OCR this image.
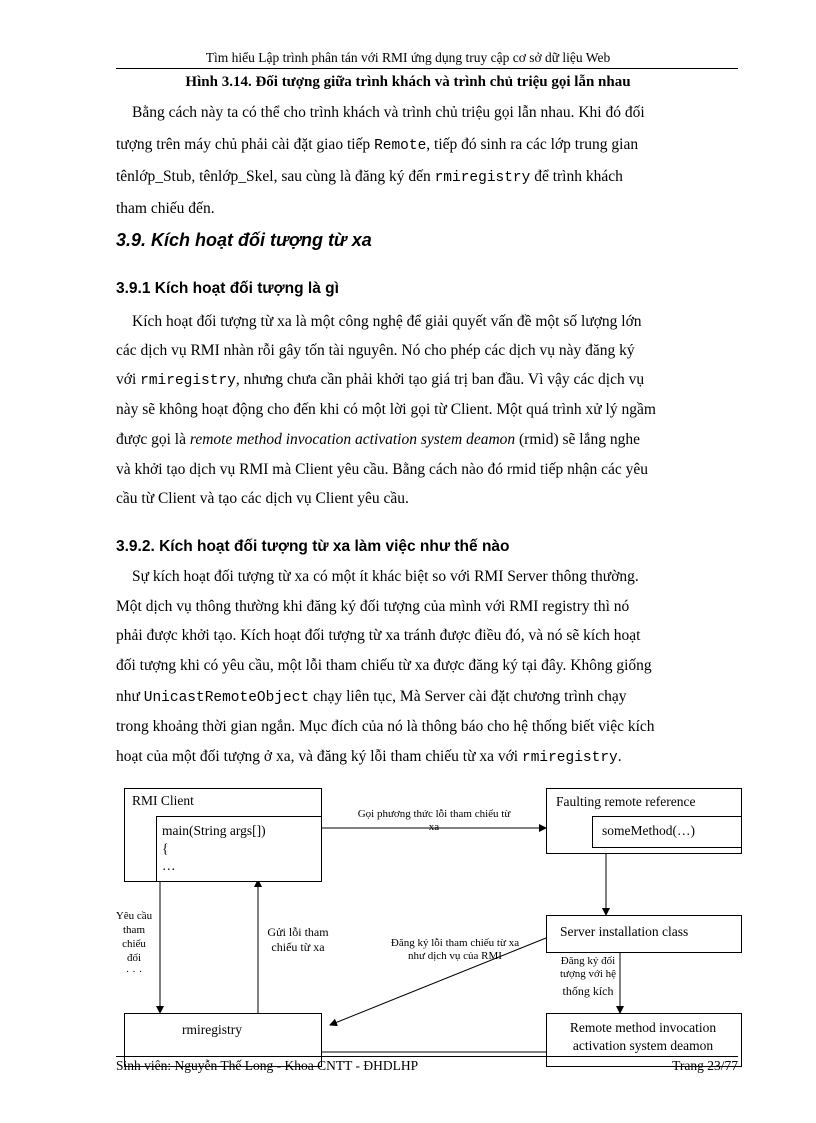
Tìm hiểu Lập trình phân tán với RMI ứng dụng truy cập cơ sở dữ liệu Web
Hình 3.14. Đối tượng giữa trình khách và trình chủ triệu gọi lẫn nhau
Bằng cách này ta có thể cho trình khách và trình chủ triệu gọi lẫn nhau. Khi đó đối
tượng trên máy chủ phải cài đặt giao tiếp Remote, tiếp đó sinh ra các lớp trung gian
tênlớp_Stub, tênlớp_Skel, sau cùng là đăng ký đến rmiregistry để trình khách
tham chiếu đến.
3.9. Kích hoạt đối tượng từ xa
3.9.1 Kích hoạt đối tượng là gì
Kích hoạt đối tượng từ xa là một công nghệ để giải quyết vấn đề một số lượng lớn
các dịch vụ RMI nhàn rỗi gây tốn tài nguyên. Nó cho phép các dịch vụ này đăng ký
với rmiregistry, nhưng chưa cần phải khởi tạo giá trị ban đầu. Vì vậy các dịch vụ
này sẽ không hoạt động cho đến khi có một lời gọi từ Client. Một quá trình xử lý ngầm
được gọi là remote method invocation activation system deamon (rmid) sẽ lắng nghe
và khởi tạo dịch vụ RMI mà Client yêu cầu. Bằng cách nào đó rmid tiếp nhận các yêu
cầu từ Client và tạo các dịch vụ Client yêu cầu.
3.9.2. Kích hoạt đối tượng từ xa làm việc như thế nào
Sự kích hoạt đối tượng từ xa có một ít khác biệt so với RMI Server thông thường.
Một dịch vụ thông thường khi đăng ký đối tượng của mình với RMI registry thì nó
phải được khởi tạo. Kích hoạt đối tượng từ xa tránh được điều đó, và nó sẽ kích hoạt
đối tượng khi có yêu cầu, một lỗi tham chiếu từ xa được đăng ký tại đây. Không giống
như UnicastRemoteObject chạy liên tục, Mà Server cài đặt chương trình chạy
trong khoảng thời gian ngắn. Mục đích của nó là thông báo cho hệ thống biết việc kích
hoạt của một đối tượng ở xa, và đăng ký lỗi tham chiếu từ xa với rmiregistry.
RMI Client
main(String args[])
{
…
Faulting remote reference
someMethod(…)
Server installation class
rmiregistry	Remote method invocation
activation system deamon
Gọi phương thức lỗi tham chiếu từ
xa
Yêu cầu
tham
chiếu
đối
· · ·
Gửi lỗi tham
chiếu từ xa	Đăng ký lỗi tham chiếu từ xa
như dịch vụ của RMI	Đăng ký đối
tượng với hệ
thống kích
Sinh viên: Nguyễn Thế Long - Khoa CNTT - ĐHDLHP	Trang 23/77
